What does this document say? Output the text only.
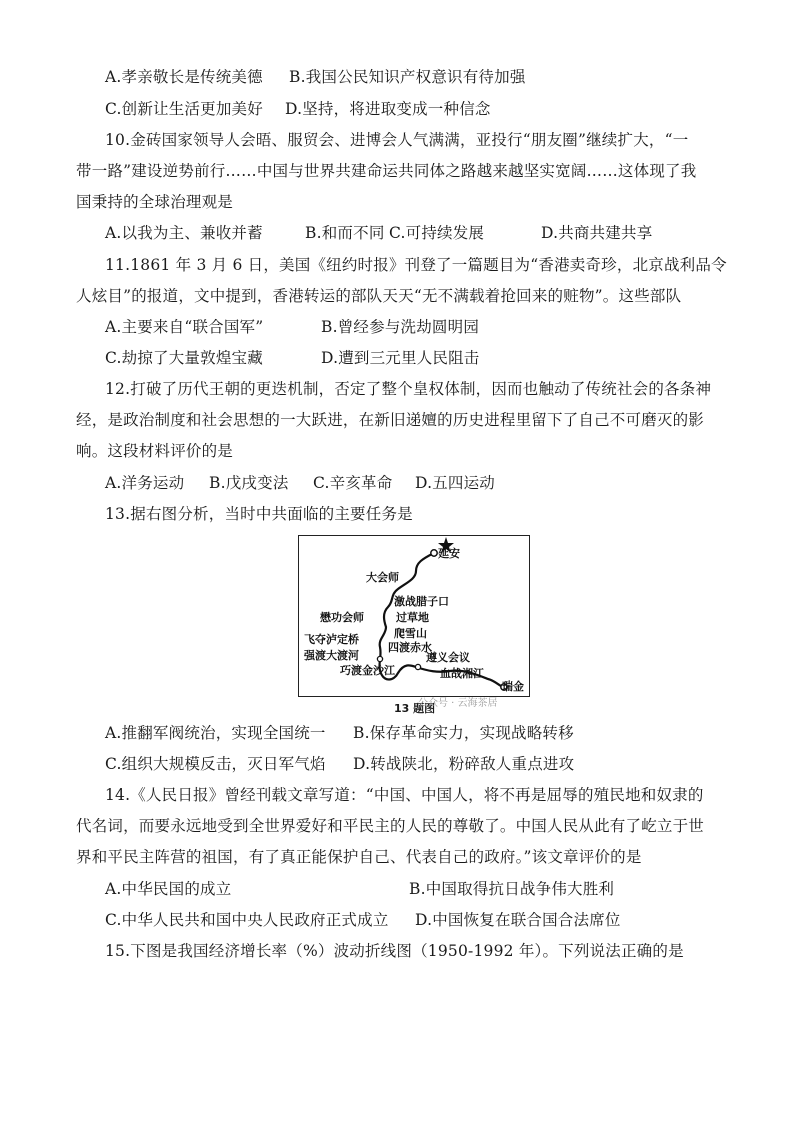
A.孝亲敬长是传统美德 B.我国公民知识产权意识有待加强
C.创新让生活更加美好 D.坚持，将进取变成一种信念
10.金砖国家领导人会晤、服贸会、进博会人气满满，亚投行“朋友圈”继续扩大，“一
带一路”建设逆势前行……中国与世界共建命运共同体之路越来越坚实宽阔……这体现了我
国秉持的全球治理观是
A.以我为主、兼收并蓄	B.和而不同 C.可持续发展	D.共商共建共享
11.1861 年 3 月 6 日，美国《纽约时报》刊登了一篇题目为“香港卖奇珍，北京战利品令
人炫目”的报道，文中提到，香港转运的部队天天“无不满载着抢回来的赃物”。这些部队
A.主要来自“联合国军”	B.曾经参与洗劫圆明园
C.劫掠了大量敦煌宝藏	D.遭到三元里人民阻击
12.打破了历代王朝的更迭机制，否定了整个皇权体制，因而也触动了传统社会的各条神
经，是政治制度和社会思想的一大跃进，在新旧递嬗的历史进程里留下了自己不可磨灭的影
响。这段材料评价的是
A.洋务运动 B.戊戌变法 C.辛亥革命 D.五四运动
13.据右图分析，当时中共面临的主要任务是
延安
大会师
激战腊子口
过草地
懋功会师
爬雪山
飞夺泸定桥
四渡赤水
强渡大渡河	遵义会议
巧渡金沙江	血战湘江
瑞金
13 题图
公众号 · 云海茶居
A.推翻军阀统治，实现全国统一 B.保存革命实力，实现战略转移
C.组织大规模反击，灭日军气焰 D.转战陕北，粉碎敌人重点进攻
14.《人民日报》曾经刊载文章写道：“中国、中国人，将不再是屈辱的殖民地和奴隶的
代名词，而要永远地受到全世界爱好和平民主的人民的尊敬了。中国人民从此有了屹立于世
界和平民主阵营的祖国，有了真正能保护自己、代表自己的政府。”该文章评价的是
A.中华民国的成立	B.中国取得抗日战争伟大胜利
C.中华人民共和国中央人民政府正式成立 D.中国恢复在联合国合法席位
15.下图是我国经济增长率（%）波动折线图（1950-1992 年）。下列说法正确的是
